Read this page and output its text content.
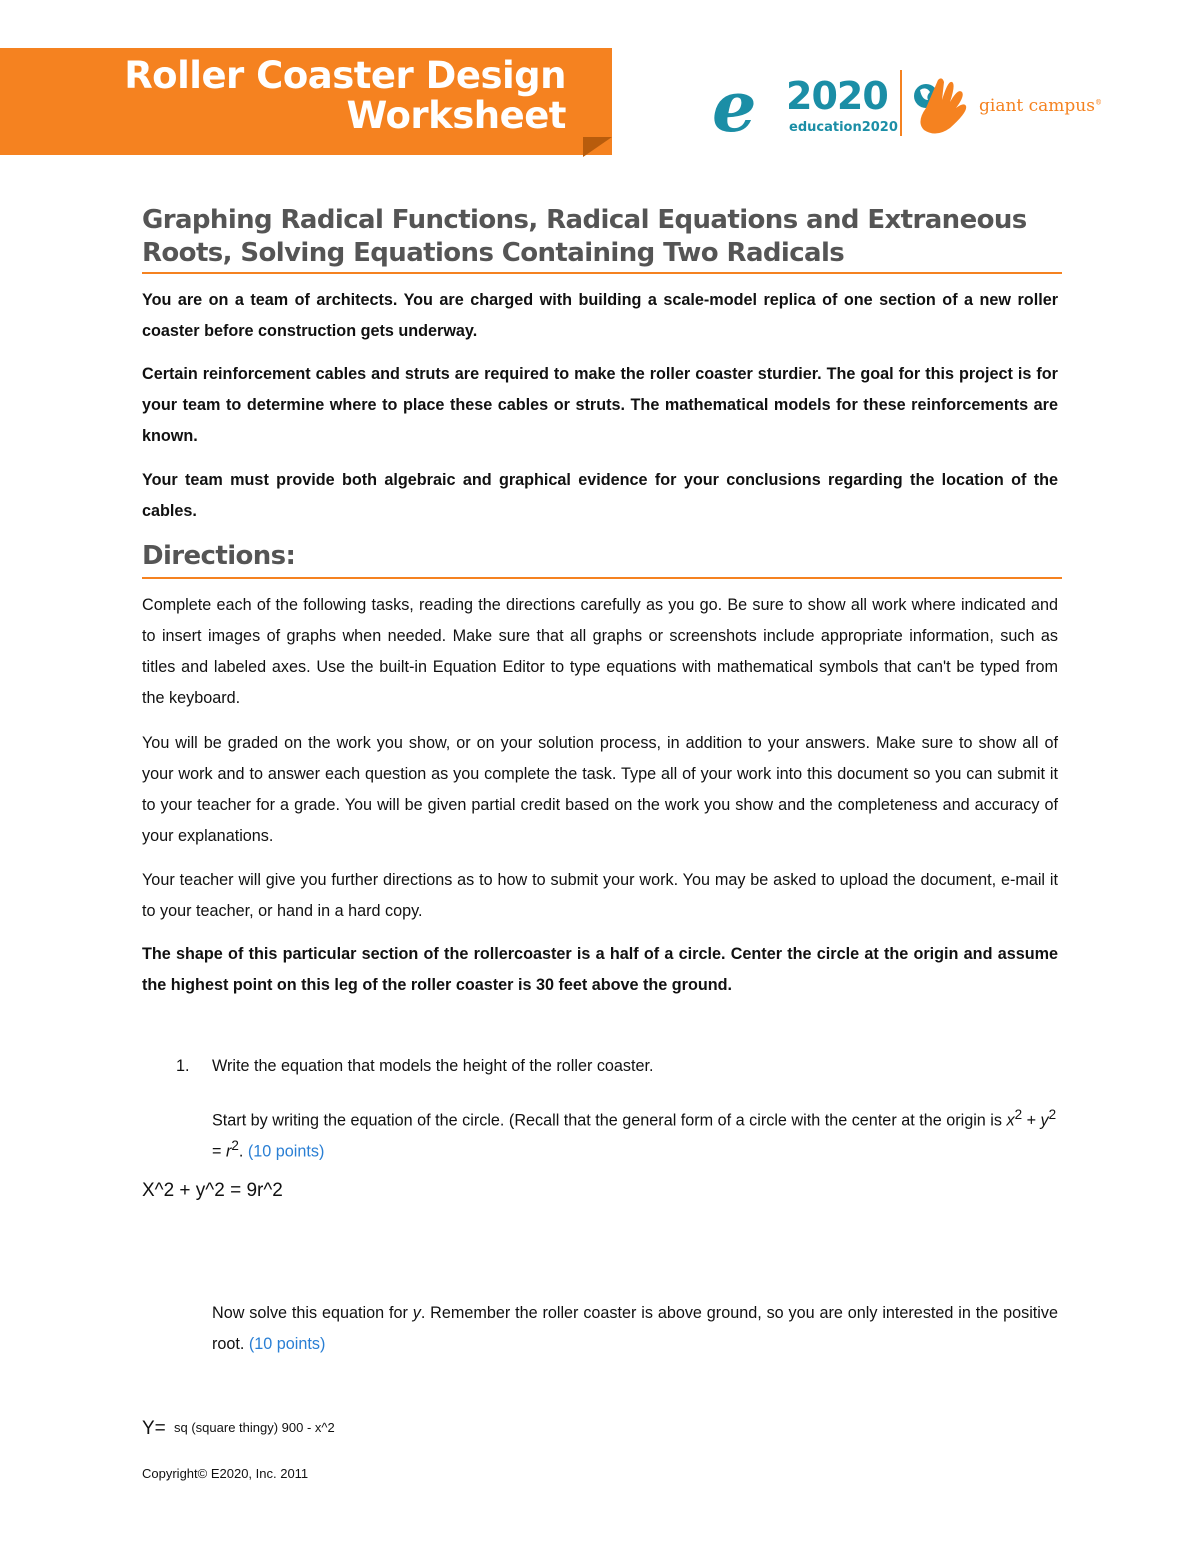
Roller Coaster Design
Worksheet e 2020
education2020
giant campus®
Graphing Radical Functions, Radical Equations and Extraneous Roots, Solving Equations Containing Two Radicals

You are on a team of architects. You are charged with building a scale-model replica of one section of a new roller coaster before construction gets underway.

Certain reinforcement cables and struts are required to make the roller coaster sturdier. The goal for this project is for your team to determine where to place these cables or struts. The mathematical models for these reinforcements are known.

Your team must provide both algebraic and graphical evidence for your conclusions regarding the location of the cables.

Directions:

Complete each of the following tasks, reading the directions carefully as you go. Be sure to show all work where indicated and to insert images of graphs when needed. Make sure that all graphs or screenshots include appropriate information, such as titles and labeled axes. Use the built-in Equation Editor to type equations with mathematical symbols that can't be typed from the keyboard.

You will be graded on the work you show, or on your solution process, in addition to your answers. Make sure to show all of your work and to answer each question as you complete the task. Type all of your work into this document so you can submit it to your teacher for a grade. You will be given partial credit based on the work you show and the completeness and accuracy of your explanations.

Your teacher will give you further directions as to how to submit your work. You may be asked to upload the document, e-mail it to your teacher, or hand in a hard copy.

The shape of this particular section of the rollercoaster is a half of a circle. Center the circle at the origin and assume the highest point on this leg of the roller coaster is 30 feet above the ground.

1. Write the equation that models the height of the roller coaster.
Start by writing the equation of the circle. (Recall that the general form of a circle with the center at the origin is $x^2 + y^2 = r^2$. (10 points)
X^2 + y^2 = 9r^2
Now solve this equation for y. Remember the roller coaster is above ground, so you are only interested in the positive root. (10 points)
Y= sq (square thingy) 900 - x^2
Copyright© E2020, Inc. 2011
